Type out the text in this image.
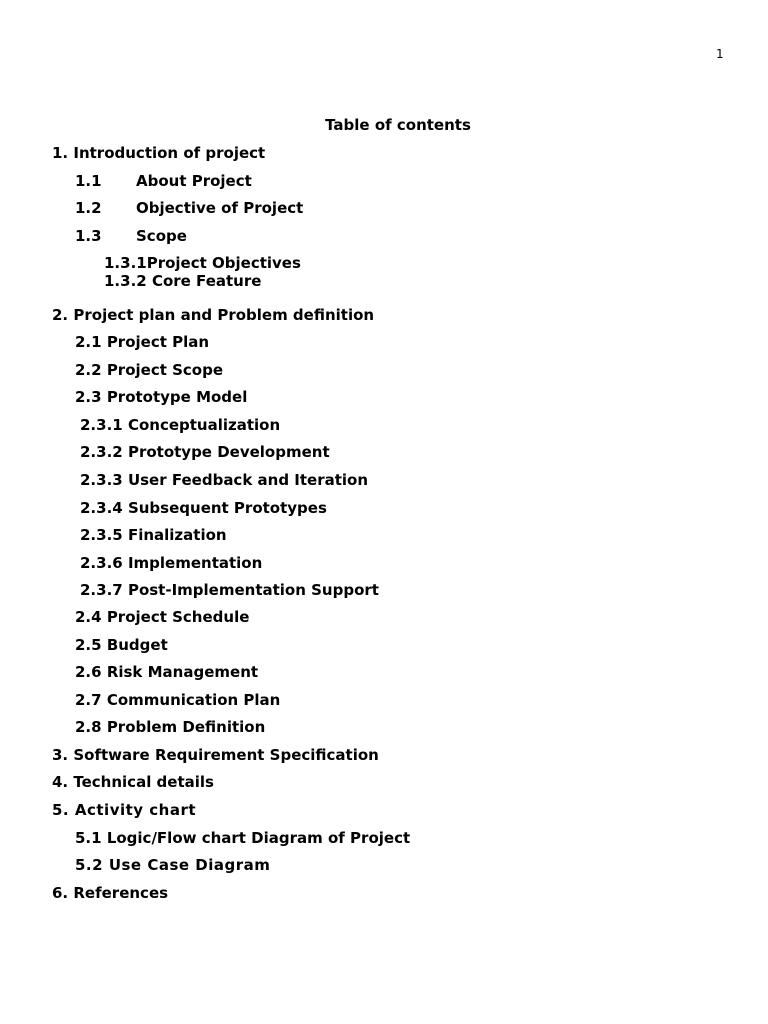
1
Table of contents
1. Introduction of project
1.1 About Project
1.2 Objective of Project
1.3 Scope
1.3.1Project Objectives
1.3.2 Core Feature
2. Project plan and Problem definition
2.1 Project Plan
2.2 Project Scope
2.3 Prototype Model
2.3.1 Conceptualization
2.3.2 Prototype Development
2.3.3 User Feedback and Iteration
2.3.4 Subsequent Prototypes
2.3.5 Finalization
2.3.6 Implementation
2.3.7 Post-Implementation Support
2.4 Project Schedule
2.5 Budget
2.6 Risk Management
2.7 Communication Plan
2.8 Problem Definition
3. Software Requirement Specification
4. Technical details
5. Activity chart
5.1 Logic/Flow chart Diagram of Project
5.2 Use Case Diagram
6. References
